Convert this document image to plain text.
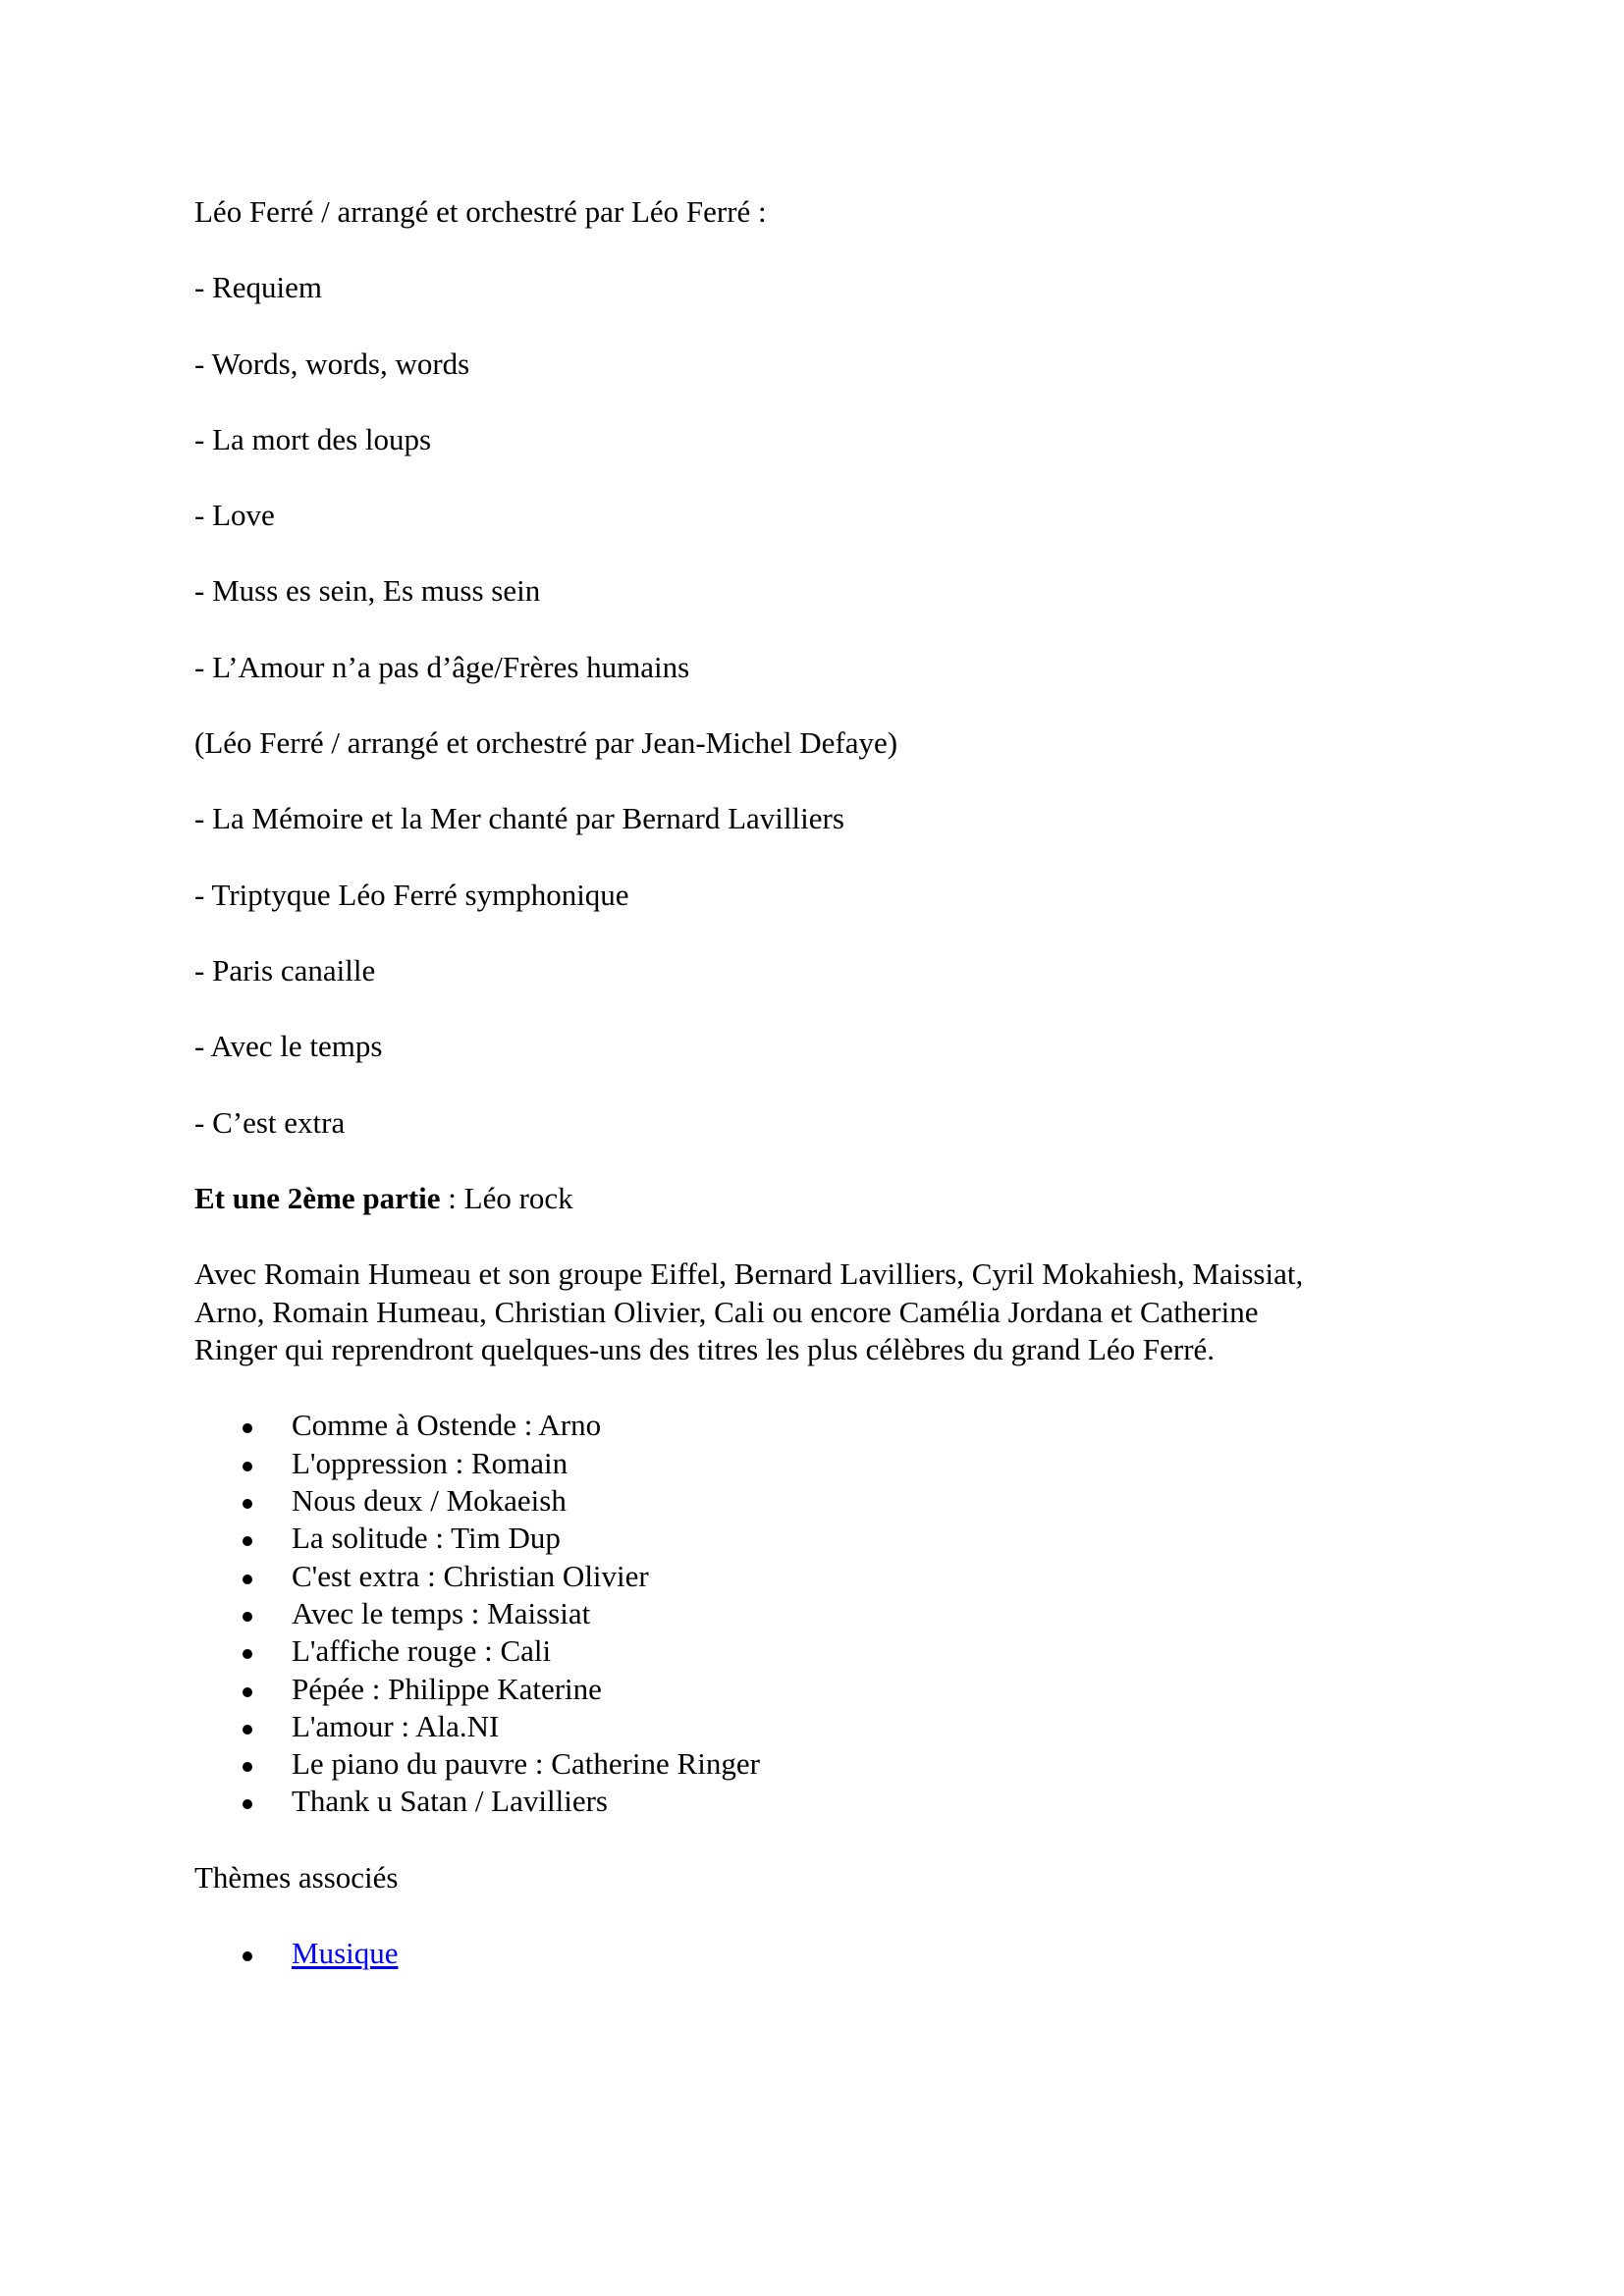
Léo Ferré / arrangé et orchestré par Léo Ferré :

- Requiem

- Words, words, words

- La mort des loups

- Love

- Muss es sein, Es muss sein

- L’Amour n’a pas d’âge/Frères humains

(Léo Ferré / arrangé et orchestré par Jean-Michel Defaye)

- La Mémoire et la Mer chanté par Bernard Lavilliers

- Triptyque Léo Ferré symphonique

- Paris canaille

- Avec le temps

- C’est extra

Et une 2ème partie : Léo rock

Avec Romain Humeau et son groupe Eiffel, Bernard Lavilliers, Cyril Mokahiesh, Maissiat,
Arno, Romain Humeau, Christian Olivier, Cali ou encore Camélia Jordana et Catherine
Ringer qui reprendront quelques-uns des titres les plus célèbres du grand Léo Ferré.

Comme à Ostende : Arno
L'oppression : Romain
Nous deux / Mokaeish
La solitude : Tim Dup
C'est extra : Christian Olivier
Avec le temps : Maissiat
L'affiche rouge : Cali
Pépée : Philippe Katerine
L'amour : Ala.NI
Le piano du pauvre : Catherine Ringer
Thank u Satan / Lavilliers

Thèmes associés

Musique
